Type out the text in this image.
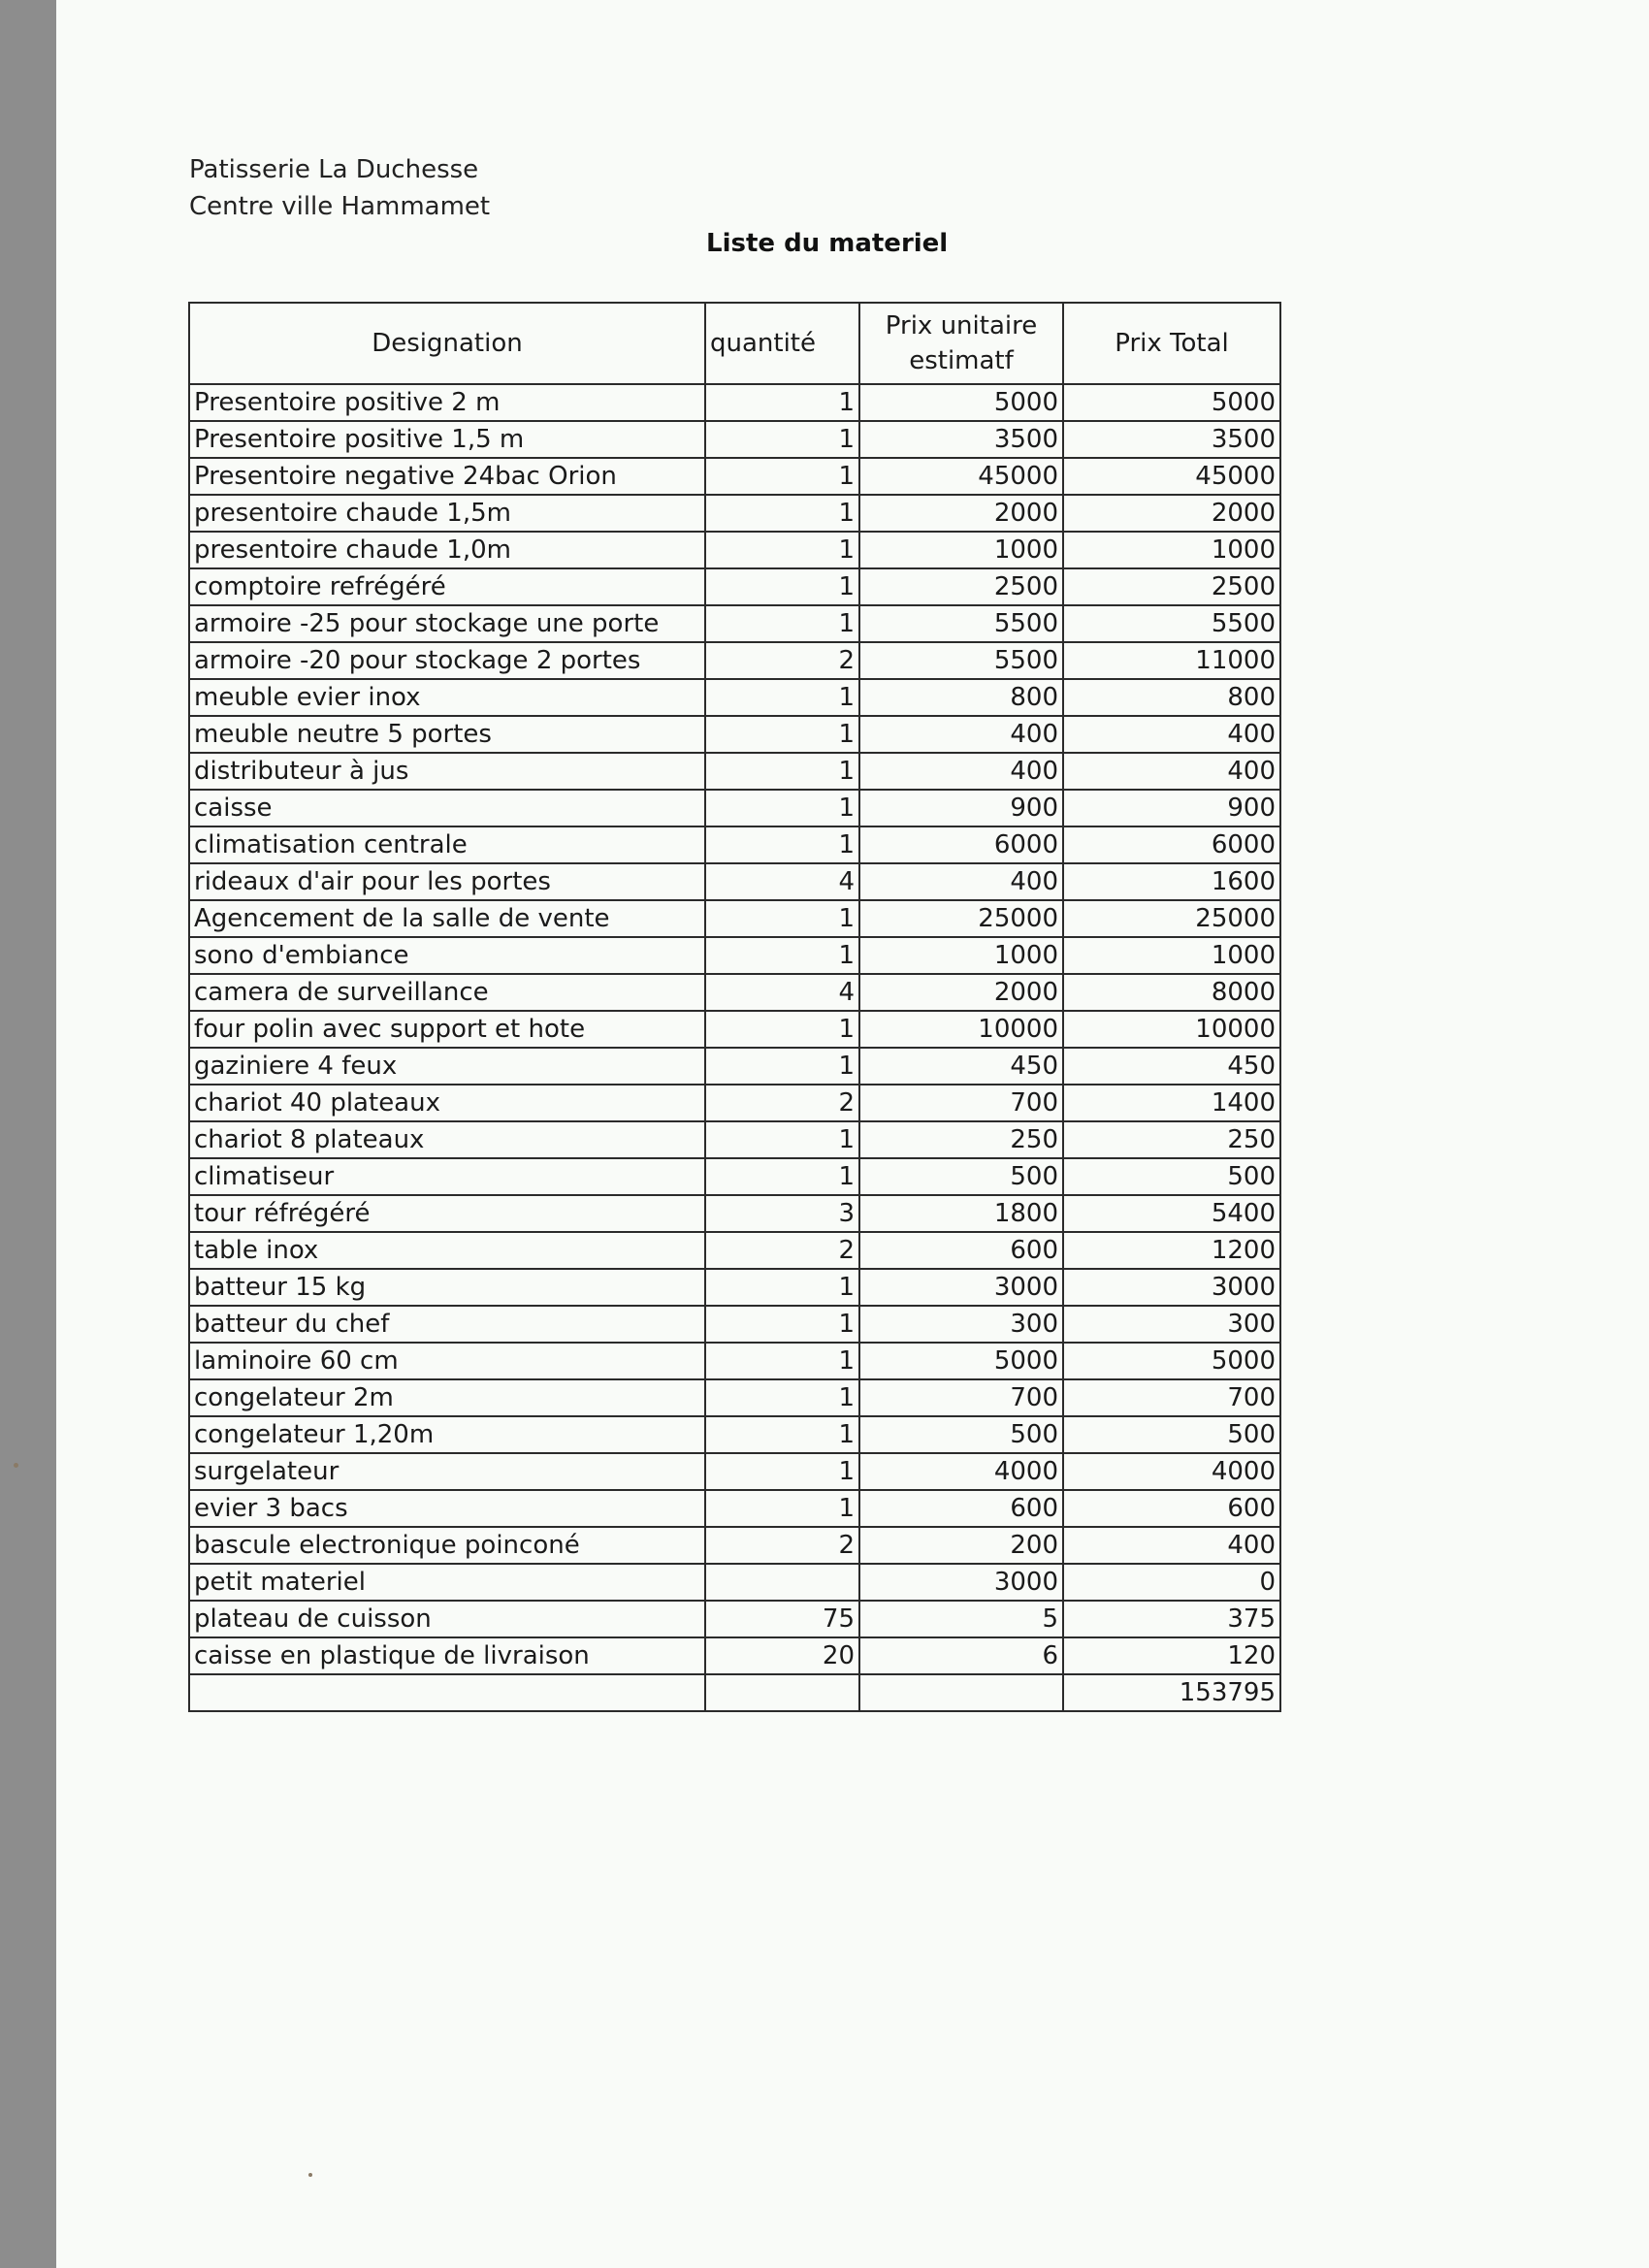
Patisserie La Duchesse
Centre ville Hammamet
Liste du materiel
Designation	quantité	Prix unitaire estimatf	Prix Total
Presentoire positive 2 m	1	5000	5000
Presentoire positive 1,5 m	1	3500	3500
Presentoire negative 24bac Orion	1	45000	45000
presentoire chaude 1,5m	1	2000	2000
presentoire chaude 1,0m	1	1000	1000
comptoire refrégéré	1	2500	2500
armoire -25 pour stockage une porte	1	5500	5500
armoire -20 pour stockage 2 portes	2	5500	11000
meuble evier inox	1	800	800
meuble neutre 5 portes	1	400	400
distributeur à jus	1	400	400
caisse	1	900	900
climatisation centrale	1	6000	6000
rideaux d'air pour les portes	4	400	1600
Agencement de la salle de vente	1	25000	25000
sono d'embiance	1	1000	1000
camera de surveillance	4	2000	8000
four polin avec support et hote	1	10000	10000
gaziniere 4 feux	1	450	450
chariot 40 plateaux	2	700	1400
chariot 8 plateaux	1	250	250
climatiseur	1	500	500
tour réfrégéré	3	1800	5400
table inox	2	600	1200
batteur 15 kg	1	3000	3000
batteur du chef	1	300	300
laminoire 60 cm	1	5000	5000
congelateur 2m	1	700	700
congelateur 1,20m	1	500	500
surgelateur	1	4000	4000
evier 3 bacs	1	600	600
bascule electronique poinconé	2	200	400
petit materiel		3000	0
plateau de cuisson	75	5	375
caisse en plastique de livraison	20	6	120
			153795
